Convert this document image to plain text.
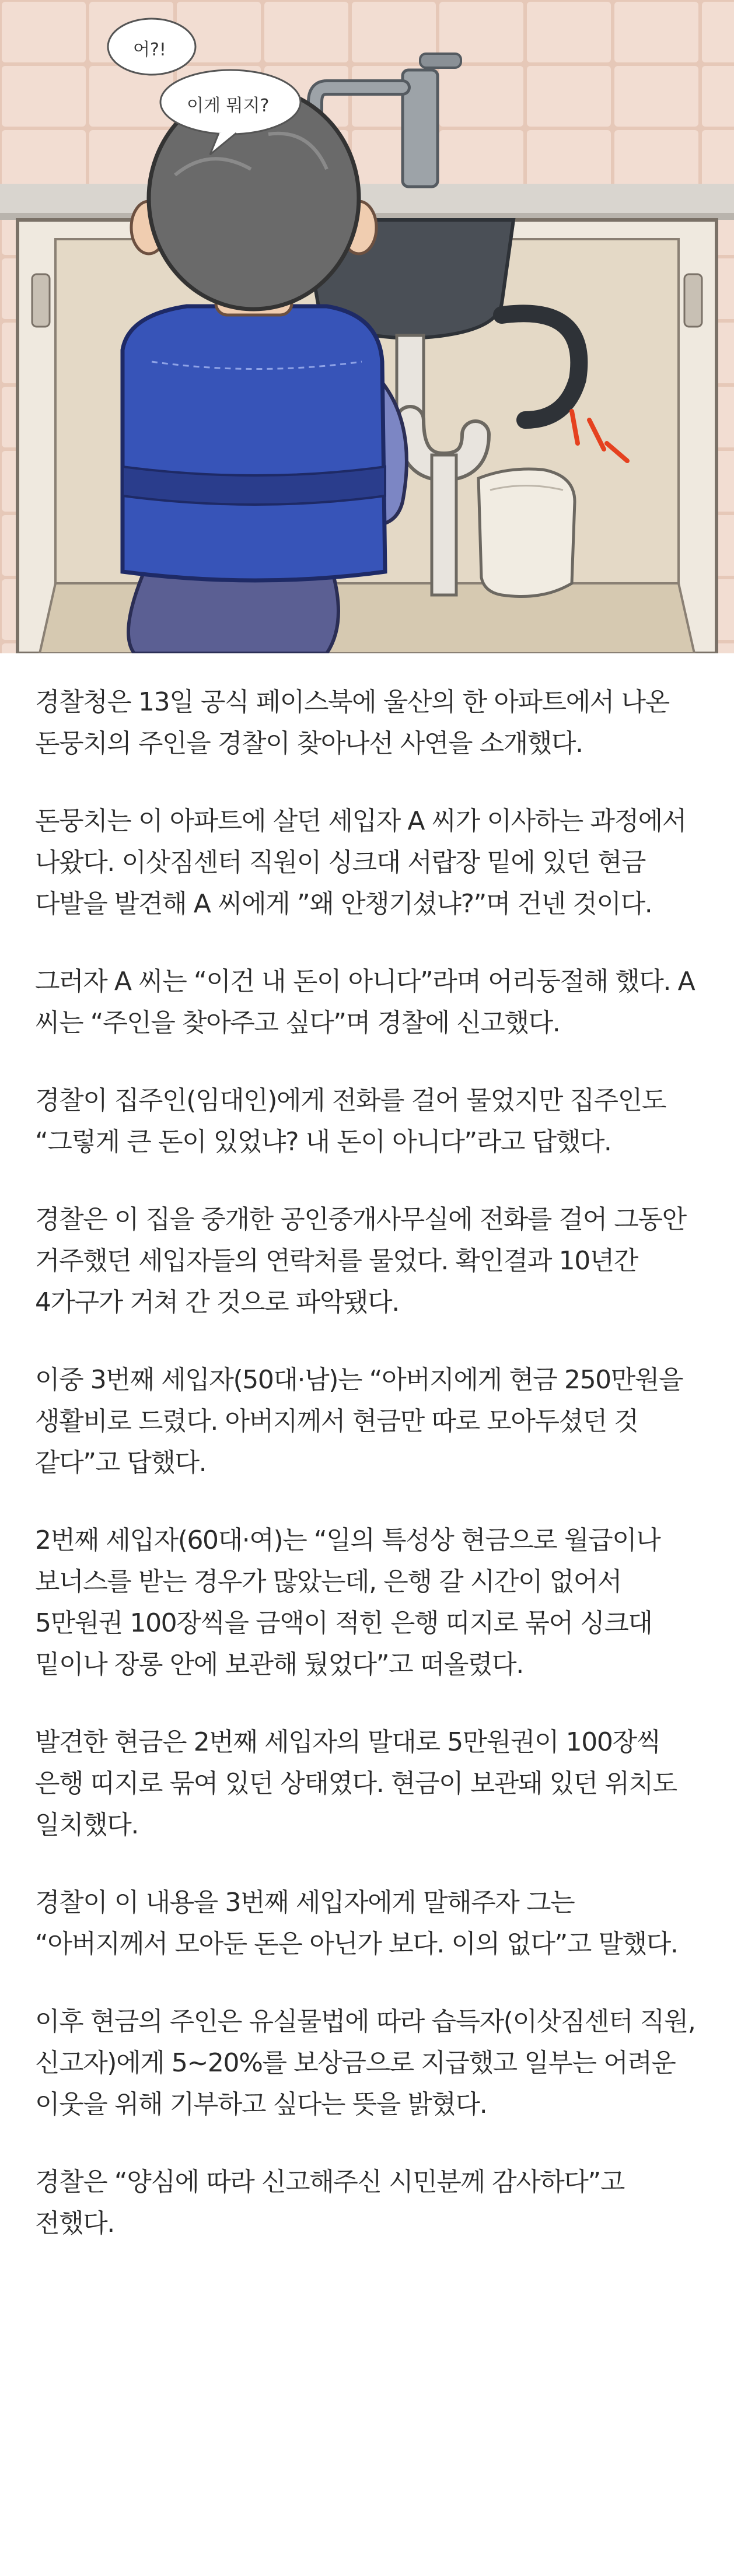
어?!
이게 뭐지?

경찰청은 13일 공식 페이스북에 울산의 한 아파트에서 나온 돈뭉치의 주인을 경찰이 찾아나선 사연을 소개했다.

돈뭉치는 이 아파트에 살던 세입자 A 씨가 이사하는 과정에서 나왔다. 이삿짐센터 직원이 싱크대 서랍장 밑에 있던 현금 다발을 발견해 A 씨에게 ”왜 안챙기셨냐?”며 건넨 것이다.

그러자 A 씨는 “이건 내 돈이 아니다”라며 어리둥절해 했다. A 씨는 “주인을 찾아주고 싶다”며 경찰에 신고했다.

경찰이 집주인(임대인)에게 전화를 걸어 물었지만 집주인도 “그렇게 큰 돈이 있었냐? 내 돈이 아니다”라고 답했다.

경찰은 이 집을 중개한 공인중개사무실에 전화를 걸어 그동안 거주했던 세입자들의 연락처를 물었다. 확인결과 10년간 4가구가 거쳐 간 것으로 파악됐다.

이중 3번째 세입자(50대·남)는 “아버지에게 현금 250만원을 생활비로 드렸다. 아버지께서 현금만 따로 모아두셨던 것 같다”고 답했다.

2번째 세입자(60대·여)는 “일의 특성상 현금으로 월급이나 보너스를 받는 경우가 많았는데, 은행 갈 시간이 없어서 5만원권 100장씩을 금액이 적힌 은행 띠지로 묶어 싱크대 밑이나 장롱 안에 보관해 뒀었다”고 떠올렸다.

발견한 현금은 2번째 세입자의 말대로 5만원권이 100장씩 은행 띠지로 묶여 있던 상태였다. 현금이 보관돼 있던 위치도 일치했다.

경찰이 이 내용을 3번째 세입자에게 말해주자 그는 “아버지께서 모아둔 돈은 아닌가 보다. 이의 없다”고 말했다.

이후 현금의 주인은 유실물법에 따라 습득자(이삿짐센터 직원, 신고자)에게 5~20%를 보상금으로 지급했고 일부는 어려운 이웃을 위해 기부하고 싶다는 뜻을 밝혔다.

경찰은 “양심에 따라 신고해주신 시민분께 감사하다”고 전했다.
